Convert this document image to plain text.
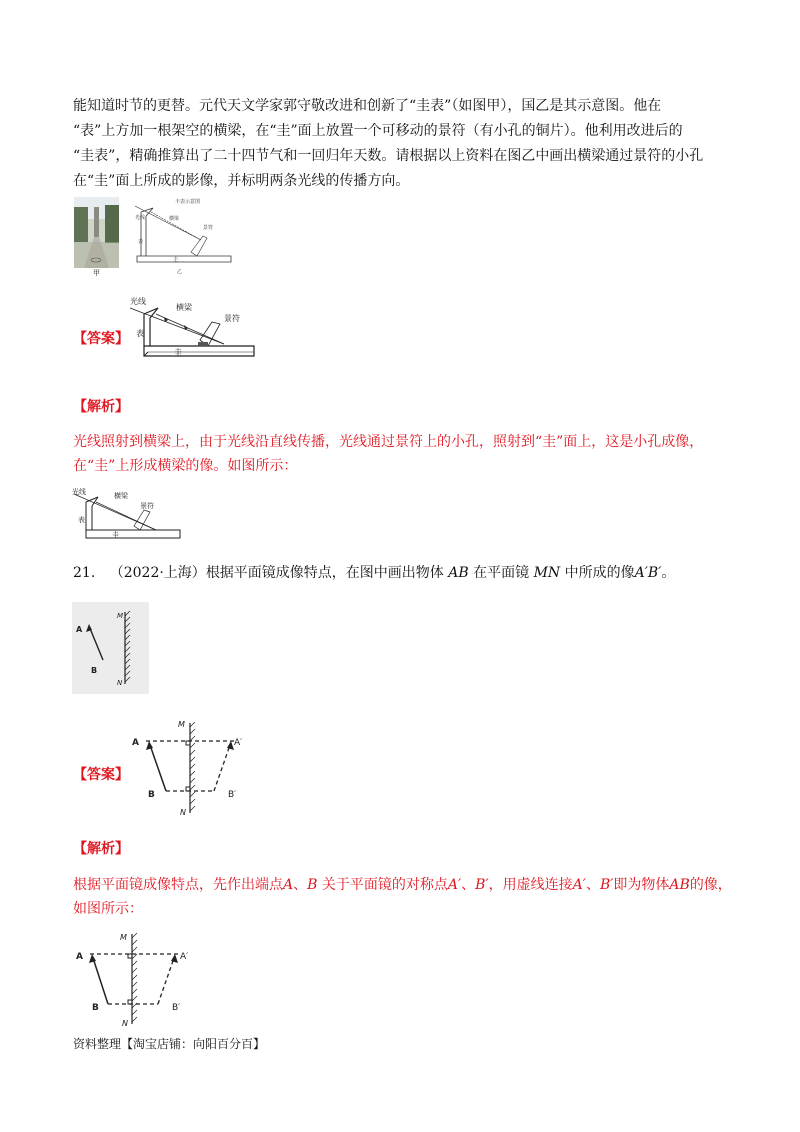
能知道时节的更替。元代天文学家郭守敬改进和创新了“圭表”（如图甲），国乙是其示意图。他在
“表”上方加一根架空的横梁，在“圭”面上放置一个可移动的景符（有小孔的铜片）。他利用改进后的
“圭表”，精确推算出了二十四节气和一回归年天数。请根据以上资料在图乙中画出横梁通过景符的小孔
在“圭”面上所成的影像，并标明两条光线的传播方向。
甲
丰表示意图
光线	横梁
景符
表
圭
乙
【答案】
光线
横梁
景符
表
圭
【解析】
光线照射到横梁上，由于光线沿直线传播，光线通过景符上的小孔，照射到“圭”面上，这是小孔成像，
在“圭”上形成横梁的像。如图所示：
光线	横梁
景符
表
圭
21. （2022·上海）根据平面镜成像特点，在图中画出物体 AB 在平面镜 MN 中所成的像A′B′。
A
B
M
N
【答案】
A
B
A′
B′
M
N
【解析】
根据平面镜成像特点，先作出端点A、B 关于平面镜的对称点A′、B′，用虚线连接A′、B′即为物体AB的像，
如图所示：
A
B
A′
B′
M
N
资料整理【淘宝店铺：向阳百分百】
